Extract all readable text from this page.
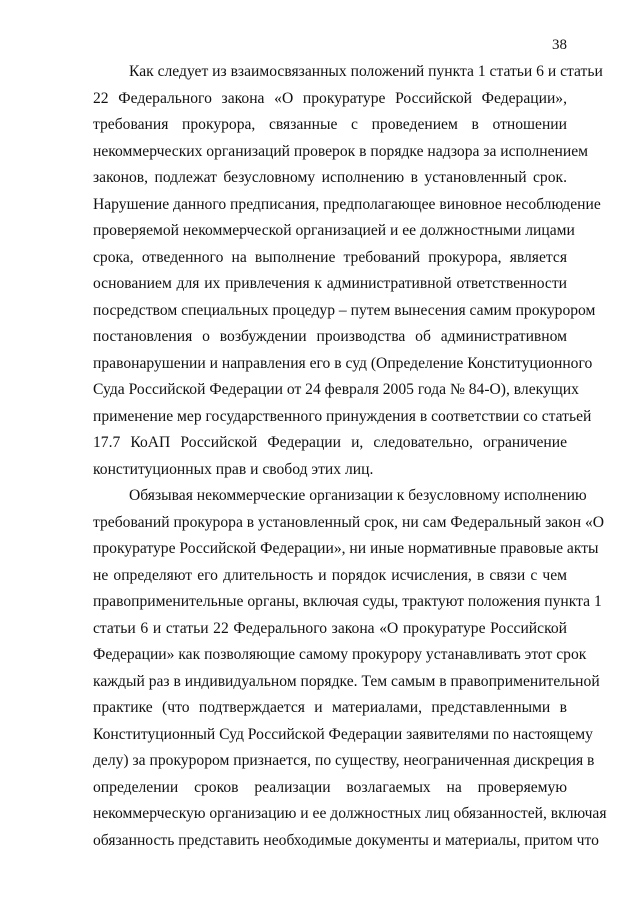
38
Как следует из взаимосвязанных положений пункта 1 статьи 6 и статьи
22 Федерального закона «О прокуратуре Российской Федерации»,
требования прокурора, связанные с проведением в отношении
некоммерческих организаций проверок в порядке надзора за исполнением
законов, подлежат безусловному исполнению в установленный срок.
Нарушение данного предписания, предполагающее виновное несоблюдение
проверяемой некоммерческой организацией и ее должностными лицами
срока, отведенного на выполнение требований прокурора, является
основанием для их привлечения к административной ответственности
посредством специальных процедур – путем вынесения самим прокурором
постановления о возбуждении производства об административном
правонарушении и направления его в суд (Определение Конституционного
Суда Российской Федерации от 24 февраля 2005 года № 84-О), влекущих
применение мер государственного принуждения в соответствии со статьей
17.7 КоАП Российской Федерации и, следовательно, ограничение
конституционных прав и свобод этих лиц.
Обязывая некоммерческие организации к безусловному исполнению
требований прокурора в установленный срок, ни сам Федеральный закон «О
прокуратуре Российской Федерации», ни иные нормативные правовые акты
не определяют его длительность и порядок исчисления, в связи с чем
правоприменительные органы, включая суды, трактуют положения пункта 1
статьи 6 и статьи 22 Федерального закона «О прокуратуре Российской
Федерации» как позволяющие самому прокурору устанавливать этот срок
каждый раз в индивидуальном порядке. Тем самым в правоприменительной
практике (что подтверждается и материалами, представленными в
Конституционный Суд Российской Федерации заявителями по настоящему
делу) за прокурором признается, по существу, неограниченная дискреция в
определении сроков реализации возлагаемых на проверяемую
некоммерческую организацию и ее должностных лиц обязанностей, включая
обязанность представить необходимые документы и материалы, притом что
